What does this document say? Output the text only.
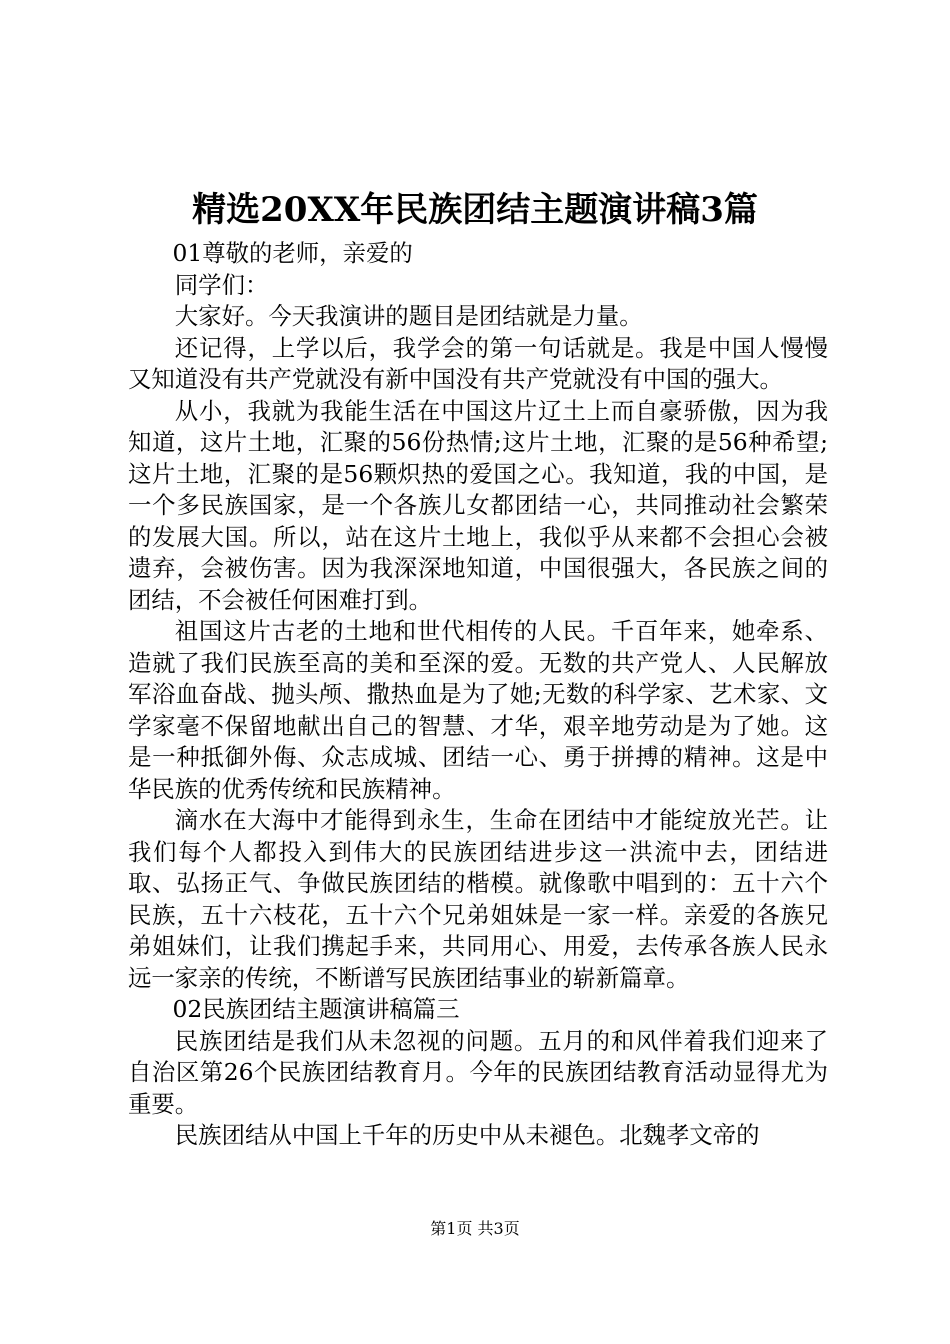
精选20XX年民族团结主题演讲稿3篇

01尊敬的老师，亲爱的

同学们：

大家好。今天我演讲的题目是团结就是力量。

还记得，上学以后，我学会的第一句话就是。我是中国人慢慢又知道没有共产党就没有新中国没有共产党就没有中国的强大。

从小，我就为我能生活在中国这片辽土上而自豪骄傲，因为我知道，这片土地，汇聚的56份热情;这片土地，汇聚的是56种希望;这片土地，汇聚的是56颗炽热的爱国之心。我知道，我的中国，是一个多民族国家，是一个各族儿女都团结一心，共同推动社会繁荣的发展大国。所以，站在这片土地上，我似乎从来都不会担心会被遗弃，会被伤害。因为我深深地知道，中国很强大，各民族之间的团结，不会被任何困难打到。

祖国这片古老的土地和世代相传的人民。千百年来，她牵系、造就了我们民族至高的美和至深的爱。无数的共产党人、人民解放军浴血奋战、抛头颅、撒热血是为了她;无数的科学家、艺术家、文学家毫不保留地献出自己的智慧、才华，艰辛地劳动是为了她。这是一种抵御外侮、众志成城、团结一心、勇于拼搏的精神。这是中华民族的优秀传统和民族精神。

滴水在大海中才能得到永生，生命在团结中才能绽放光芒。让我们每个人都投入到伟大的民族团结进步这一洪流中去，团结进取、弘扬正气、争做民族团结的楷模。就像歌中唱到的：五十六个民族，五十六枝花，五十六个兄弟姐妹是一家一样。亲爱的各族兄弟姐妹们，让我们携起手来，共同用心、用爱，去传承各族人民永远一家亲的传统，不断谱写民族团结事业的崭新篇章。

02民族团结主题演讲稿篇三

民族团结是我们从未忽视的问题。五月的和风伴着我们迎来了自治区第26个民族团结教育月。今年的民族团结教育活动显得尤为重要。

民族团结从中国上千年的历史中从未褪色。北魏孝文帝的

第1页 共3页
